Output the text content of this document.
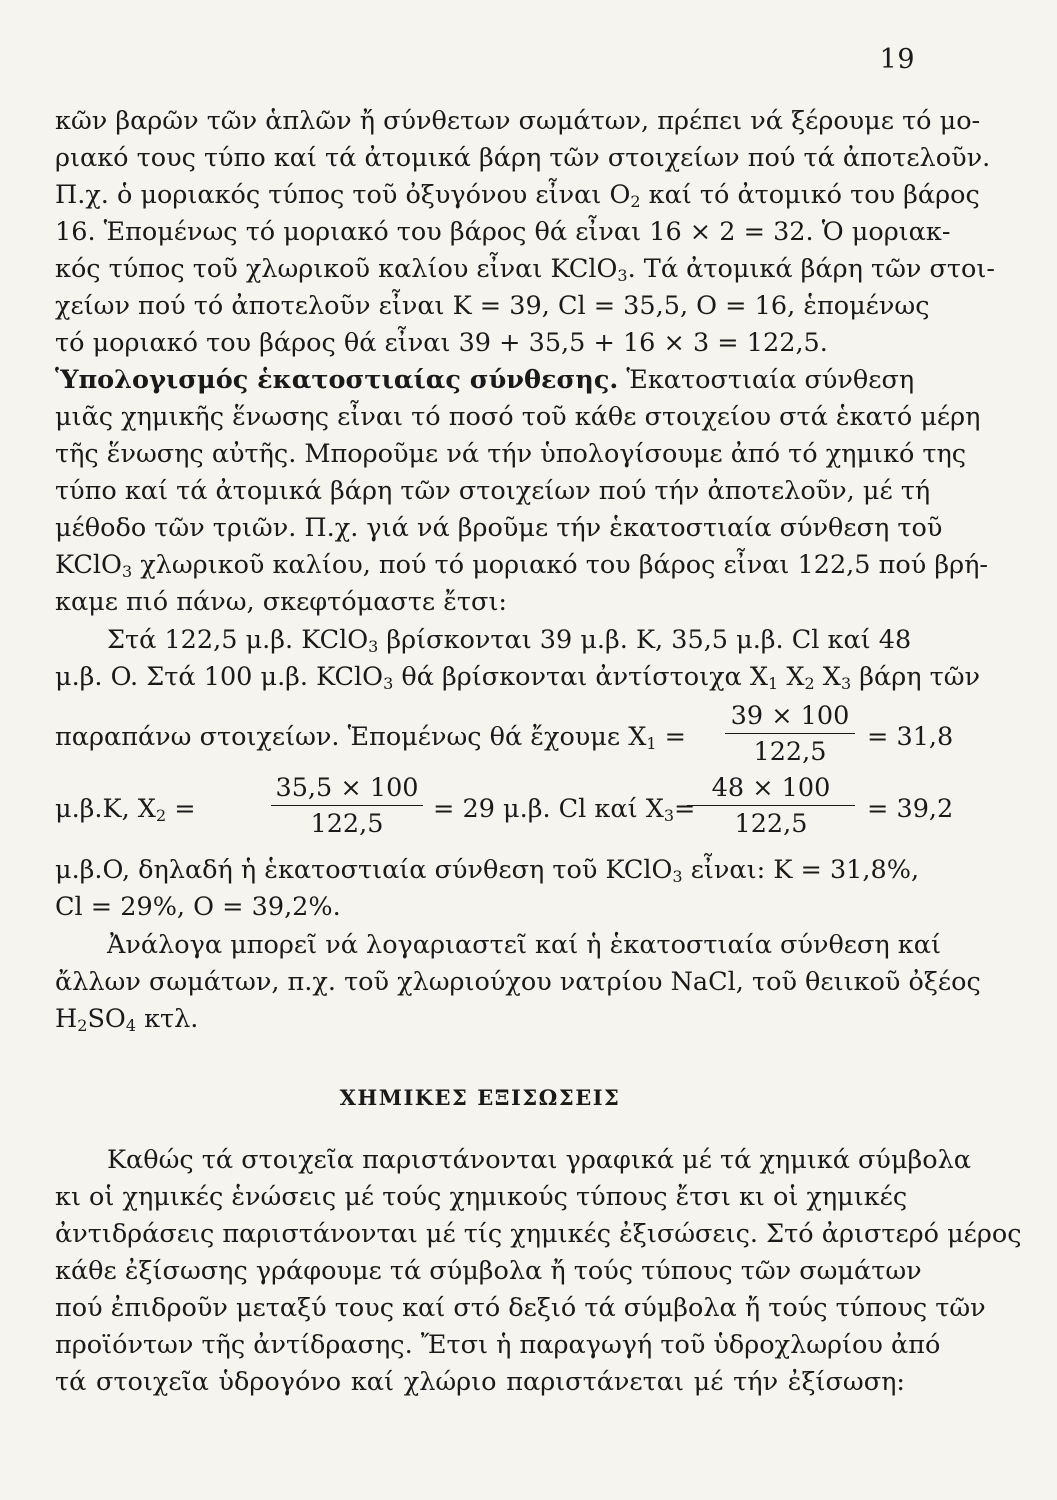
19
κῶν βαρῶν τῶν ἁπλῶν ἤ σύνθετων σωμάτων, πρέπει νά ξέρουμε τό μο-
ριακό τους τύπο καί τά ἀτομικά βάρη τῶν στοιχείων πού τά ἀποτελοῦν.
Π.χ. ὁ μοριακός τύπος τοῦ ὀξυγόνου εἶναι $O_2$ καί τό ἀτομικό του βάρος
16. Ἑπομένως τό μοριακό του βάρος θά εἶναι 16 × 2 = 32. Ὁ μοριακ-
κός τύπος τοῦ χλωρικοῦ καλίου εἶναι KClO$_3$. Τά ἀτομικά βάρη τῶν στοι-
χείων πού τό ἀποτελοῦν εἶναι K = 39, Cl = 35,5, O = 16, ἑπομένως
τό μοριακό του βάρος θά εἶναι 39 + 35,5 + 16 × 3 = 122,5.
Ὑπολογισμός ἑκατοστιαίας σύνθεσης. Ἑκατοστιαία σύνθεση
μιᾶς χημικῆς ἕνωσης εἶναι τό ποσό τοῦ κάθε στοιχείου στά ἑκατό μέρη
τῆς ἕνωσης αὐτῆς. Μποροῦμε νά τήν ὑπολογίσουμε ἀπό τό χημικό της
τύπο καί τά ἀτομικά βάρη τῶν στοιχείων πού τήν ἀποτελοῦν, μέ τή
μέθοδο τῶν τριῶν. Π.χ. γιά νά βροῦμε τήν ἑκατοστιαία σύνθεση τοῦ
KClO$_3$ χλωρικοῦ καλίου, πού τό μοριακό του βάρος εἶναι 122,5 πού βρή-
καμε πιό πάνω, σκεφτόμαστε ἔτσι:
Στά 122,5 μ.β. KClO$_3$ βρίσκονται 39 μ.β. K, 35,5 μ.β. Cl καί 48
μ.β. O. Στά 100 μ.β. KClO$_3$ θά βρίσκονται ἀντίστοιχα $X_1$ $X_2$ $X_3$ βάρη τῶν
παραπάνω στοιχείων. Ἑπομένως θά ἔχουμε $X_1 = \frac{39 \times 100}{122,5} = 31,8$
μ.β.K, $X_2$ =	$\frac{35,5 \times 100}{122,5} = 29$ μ.β. Cl καί $X_3=$
$\frac{48 \times 100}{122,5} = 39,2$
μ.β.O, δηλαδή ἡ ἑκατοστιαία σύνθεση τοῦ KClO$_3$ εἶναι: K = 31,8%,
Cl = 29%, O = 39,2%.
Ἀνάλογα μπορεῖ νά λογαριαστεῖ καί ἡ ἑκατοστιαία σύνθεση καί
ἄλλων σωμάτων, π.χ. τοῦ χλωριούχου νατρίου NaCl, τοῦ θειικοῦ ὀξέος
$H_2SO_4$ κτλ.
ΧΗΜΙΚΕΣ ΕΞΙΣΩΣΕΙΣ
Καθώς τά στοιχεῖα παριστάνονται γραφικά μέ τά χημικά σύμβολα
κι οἱ χημικές ἑνώσεις μέ τούς χημικούς τύπους ἔτσι κι οἱ χημικές
ἀντιδράσεις παριστάνονται μέ τίς χημικές ἐξισώσεις. Στό ἀριστερό μέρος
κάθε ἐξίσωσης γράφουμε τά σύμβολα ἤ τούς τύπους τῶν σωμάτων
πού ἐπιδροῦν μεταξύ τους καί στό δεξιό τά σύμβολα ἤ τούς τύπους τῶν
προϊόντων τῆς ἀντίδρασης. Ἔτσι ἡ παραγωγή τοῦ ὑδροχλωρίου ἀπό
τά στοιχεῖα ὑδρογόνο καί χλώριο παριστάνεται μέ τήν ἐξίσωση:
